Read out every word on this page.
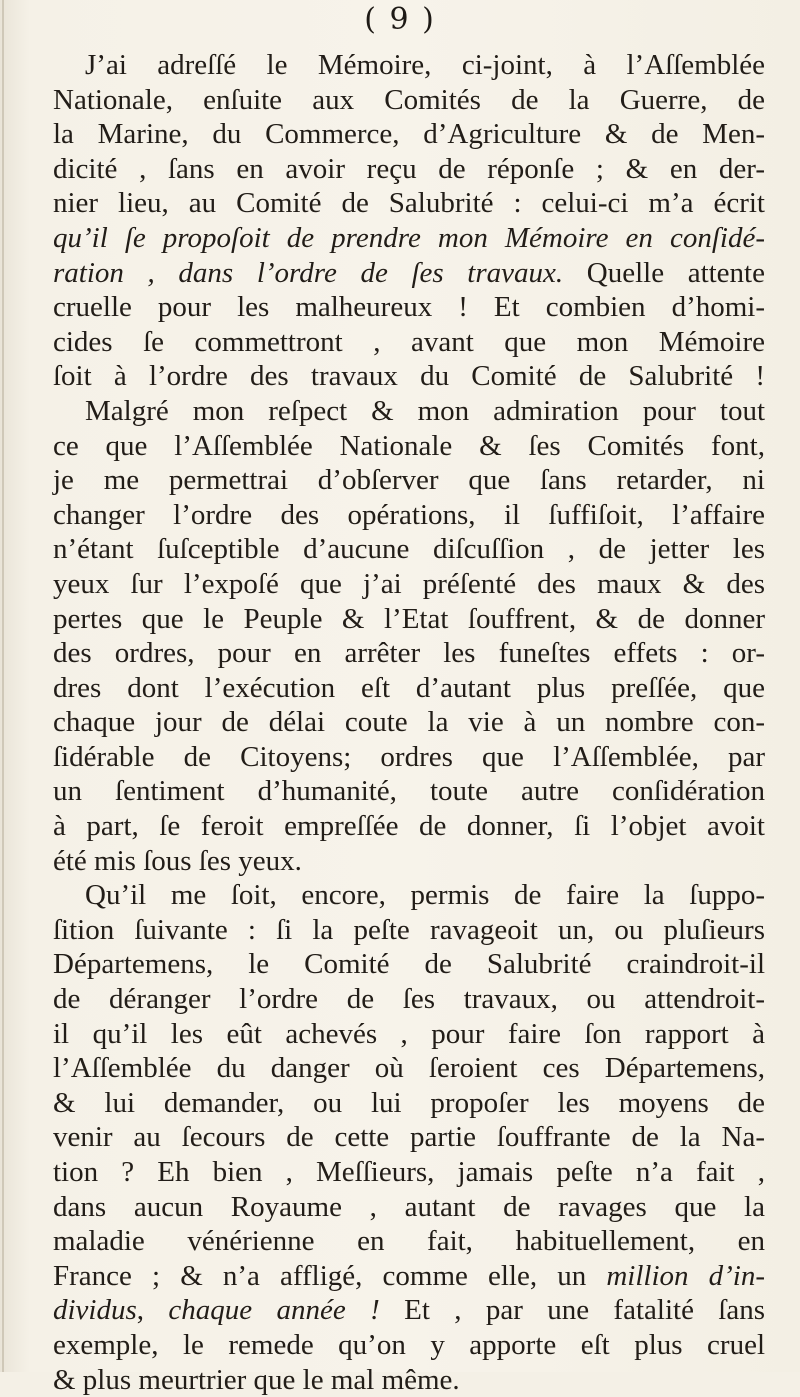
( 9 )
J’ai adreſſé le Mémoire, ci-joint, à l’Aſſemblée
Nationale, enſuite aux Comités de la Guerre, de
la Marine, du Commerce, d’Agriculture & de Men-
dicité , ſans en avoir reçu de réponſe ; & en der-
nier lieu, au Comité de Salubrité : celui-ci m’a écrit
qu’il ſe propoſoit de prendre mon Mémoire en conſidé-
ration , dans l’ordre de ſes travaux. Quelle attente
cruelle pour les malheureux ! Et combien d’homi-
cides ſe commettront , avant que mon Mémoire
ſoit à l’ordre des travaux du Comité de Salubrité !
Malgré mon reſpect & mon admiration pour tout
ce que l’Aſſemblée Nationale & ſes Comités font,
je me permettrai d’obſerver que ſans retarder, ni
changer l’ordre des opérations, il ſuffiſoit, l’affaire
n’étant ſuſceptible d’aucune diſcuſſion , de jetter les
yeux ſur l’expoſé que j’ai préſenté des maux & des
pertes que le Peuple & l’Etat ſouffrent, & de donner
des ordres, pour en arrêter les funeſtes effets : or-
dres dont l’exécution eſt d’autant plus preſſée, que
chaque jour de délai coute la vie à un nombre con-
ſidérable de Citoyens; ordres que l’Aſſemblée, par
un ſentiment d’humanité, toute autre conſidération
à part, ſe feroit empreſſée de donner, ſi l’objet avoit
été mis ſous ſes yeux.
Qu’il me ſoit, encore, permis de faire la ſuppo-
ſition ſuivante : ſi la peſte ravageoit un, ou pluſieurs
Départemens, le Comité de Salubrité craindroit-il
de déranger l’ordre de ſes travaux, ou attendroit-
il qu’il les eût achevés , pour faire ſon rapport à
l’Aſſemblée du danger où ſeroient ces Départemens,
& lui demander, ou lui propoſer les moyens de
venir au ſecours de cette partie ſouffrante de la Na-
tion ? Eh bien , Meſſieurs, jamais peſte n’a fait ,
dans aucun Royaume , autant de ravages que la
maladie vénérienne en fait, habituellement, en
France ; & n’a affligé, comme elle, un million d’in-
dividus, chaque année ! Et , par une fatalité ſans
exemple, le remede qu’on y apporte eſt plus cruel
& plus meurtrier que le mal même.
